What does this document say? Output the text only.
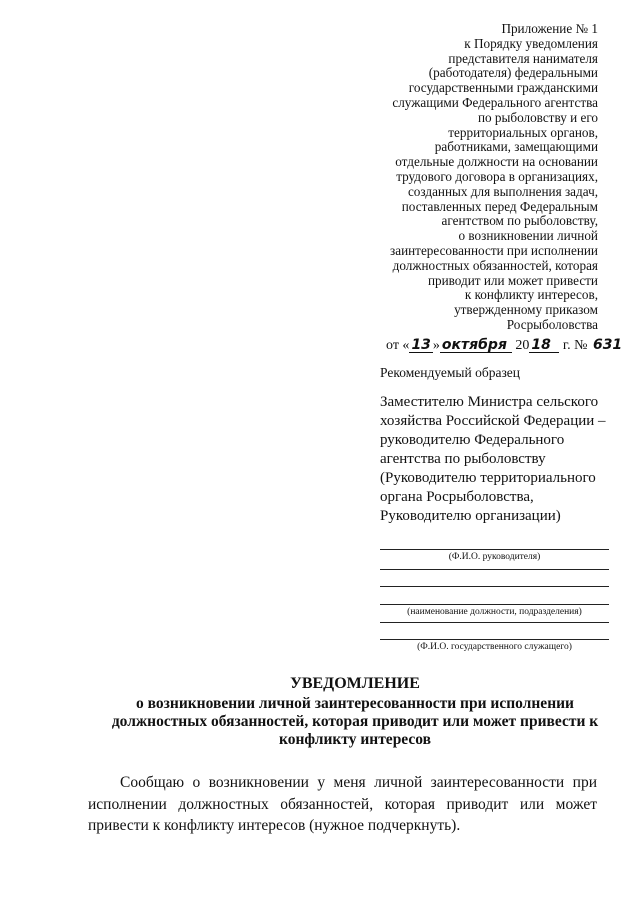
Приложение № 1
к Порядку уведомления
представителя нанимателя
(работодателя) федеральными
государственными гражданскими
служащими Федерального агентства
по рыболовству и его
территориальных органов,
работниками, замещающими
отдельные должности на основании
трудового договора в организациях,
созданных для выполнения задач,
поставленных перед Федеральным
агентством по рыболовству,
о возникновении личной
заинтересованности при исполнении
должностных обязанностей, которая
приводит или может привести
к конфликту интересов,
утвержденному приказом
Росрыболовства
от « 13 » октября 20 18 г. № 631
Рекомендуемый образец
Заместителю Министра сельского хозяйства Российской Федерации – руководителю Федерального агентства по рыболовству (Руководителю территориального органа Росрыболовства, Руководителю организации)
(Ф.И.О. руководителя)
(наименование должности, подразделения)
(Ф.И.О. государственного служащего)
УВЕДОМЛЕНИЕ
о возникновении личной заинтересованности при исполнении должностных обязанностей, которая приводит или может привести к конфликту интересов
Сообщаю о возникновении у меня личной заинтересованности при исполнении должностных обязанностей, которая приводит или может привести к конфликту интересов (нужное подчеркнуть).
